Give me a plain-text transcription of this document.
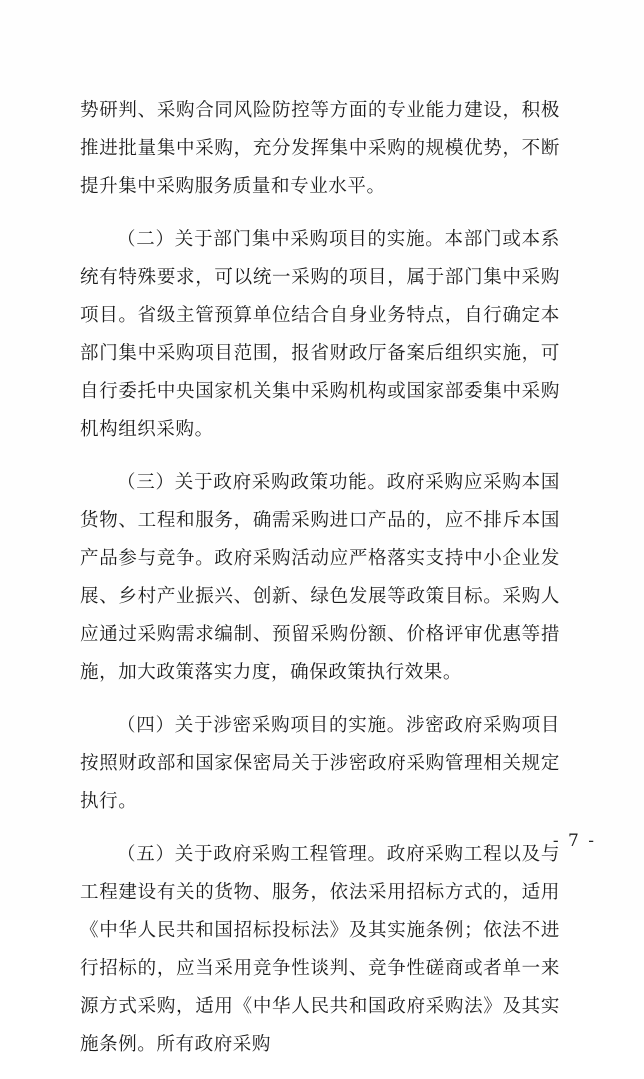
势研判、采购合同风险防控等方面的专业能力建设，积极推进批量集中采购，充分发挥集中采购的规模优势，不断提升集中采购服务质量和专业水平。

（二）关于部门集中采购项目的实施。本部门或本系统有特殊要求，可以统一采购的项目，属于部门集中采购项目。省级主管预算单位结合自身业务特点，自行确定本部门集中采购项目范围，报省财政厅备案后组织实施，可自行委托中央国家机关集中采购机构或国家部委集中采购机构组织采购。

（三）关于政府采购政策功能。政府采购应采购本国货物、工程和服务，确需采购进口产品的，应不排斥本国产品参与竞争。政府采购活动应严格落实支持中小企业发展、乡村产业振兴、创新、绿色发展等政策目标。采购人应通过采购需求编制、预留采购份额、价格评审优惠等措施，加大政策落实力度，确保政策执行效果。

（四）关于涉密采购项目的实施。涉密政府采购项目按照财政部和国家保密局关于涉密政府采购管理相关规定执行。

（五）关于政府采购工程管理。政府采购工程以及与工程建设有关的货物、服务，依法采用招标方式的，适用《中华人民共和国招标投标法》及其实施条例；依法不进行招标的，应当采用竞争性谈判、竞争性磋商或者单一来源方式采购，适用《中华人民共和国政府采购法》及其实施条例。所有政府采购

- 7 -
